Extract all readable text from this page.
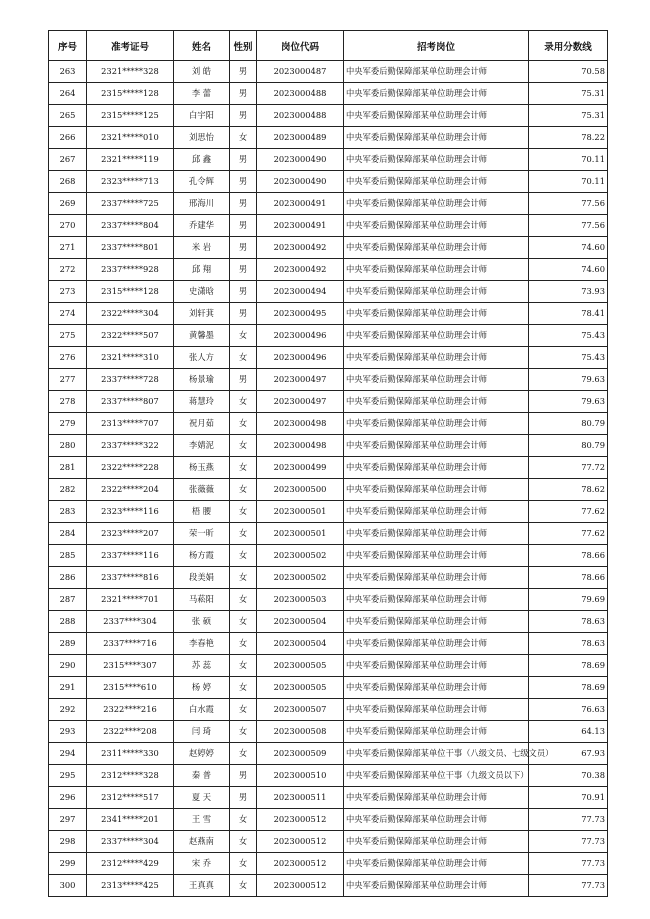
序号	准考证号	姓名	性别	岗位代码	招考岗位	录用分数线
263	2321*****328	刘 皓	男	2023000487	中央军委后勤保障部某单位助理会计师	70.58
264	2315*****128	李 蕾	男	2023000488	中央军委后勤保障部某单位助理会计师	75.31
265	2315*****125	白宇阳	男	2023000488	中央军委后勤保障部某单位助理会计师	75.31
266	2321*****010	刘思怡	女	2023000489	中央军委后勤保障部某单位助理会计师	78.22
267	2321*****119	邱 鑫	男	2023000490	中央军委后勤保障部某单位助理会计师	70.11
268	2323*****713	孔令辉	男	2023000490	中央军委后勤保障部某单位助理会计师	70.11
269	2337*****725	邢海川	男	2023000491	中央军委后勤保障部某单位助理会计师	77.56
270	2337*****804	乔建华	男	2023000491	中央军委后勤保障部某单位助理会计师	77.56
271	2337*****801	米 岩	男	2023000492	中央军委后勤保障部某单位助理会计师	74.60
272	2337*****928	邱 翔	男	2023000492	中央军委后勤保障部某单位助理会计师	74.60
273	2315*****128	史潇晗	男	2023000494	中央军委后勤保障部某单位助理会计师	73.93
274	2322*****304	刘轩萁	男	2023000495	中央军委后勤保障部某单位助理会计师	78.41
275	2322*****507	黄馨墨	女	2023000496	中央军委后勤保障部某单位助理会计师	75.43
276	2321*****310	张人方	女	2023000496	中央军委后勤保障部某单位助理会计师	75.43
277	2337*****728	杨景瑜	男	2023000497	中央军委后勤保障部某单位助理会计师	79.63
278	2337*****807	蒋慧玲	女	2023000497	中央军委后勤保障部某单位助理会计师	79.63
279	2313*****707	祝月茹	女	2023000498	中央军委后勤保障部某单位助理会计师	80.79
280	2337*****322	李婧泥	女	2023000498	中央军委后勤保障部某单位助理会计师	80.79
281	2322*****228	杨玉燕	女	2023000499	中央军委后勤保障部某单位助理会计师	77.72
282	2322*****204	张薇薇	女	2023000500	中央军委后勤保障部某单位助理会计师	78.62
283	2323*****116	梧 腰	女	2023000501	中央军委后勤保障部某单位助理会计师	77.62
284	2323*****207	荣一昕	女	2023000501	中央军委后勤保障部某单位助理会计师	77.62
285	2337*****116	杨方霞	女	2023000502	中央军委后勤保障部某单位助理会计师	78.66
286	2337*****816	段美娟	女	2023000502	中央军委后勤保障部某单位助理会计师	78.66
287	2321*****701	马菘阳	女	2023000503	中央军委后勤保障部某单位助理会计师	79.69
288	2337****304	张 硕	女	2023000504	中央军委后勤保障部某单位助理会计师	78.63
289	2337****716	李春艳	女	2023000504	中央军委后勤保障部某单位助理会计师	78.63
290	2315****307	苏 蕊	女	2023000505	中央军委后勤保障部某单位助理会计师	78.69
291	2315****610	杨 婷	女	2023000505	中央军委后勤保障部某单位助理会计师	78.69
292	2322****216	白水霞	女	2023000507	中央军委后勤保障部某单位助理会计师	76.63
293	2322****208	闫 琦	女	2023000508	中央军委后勤保障部某单位助理会计师	64.13
294	2311*****330	赵婷婷	女	2023000509	中央军委后勤保障部某单位干事（八级文员、七级文员）	67.93
295	2312*****328	秦 普	男	2023000510	中央军委后勤保障部某单位干事（九级文员以下）	70.38
296	2312*****517	夏 天	男	2023000511	中央军委后勤保障部某单位助理会计师	70.91
297	2341*****201	王 雪	女	2023000512	中央军委后勤保障部某单位助理会计师	77.73
298	2337*****304	赵燕南	女	2023000512	中央军委后勤保障部某单位助理会计师	77.73
299	2312*****429	宋 乔	女	2023000512	中央军委后勤保障部某单位助理会计师	77.73
300	2313*****425	王真真	女	2023000512	中央军委后勤保障部某单位助理会计师	77.73
